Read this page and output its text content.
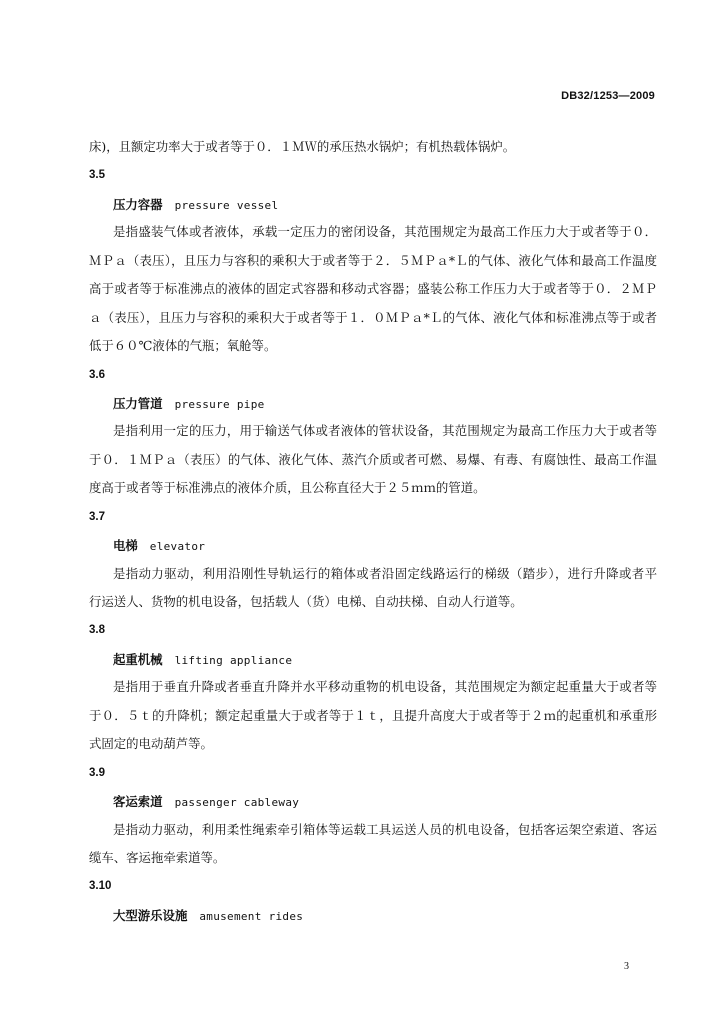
DB32/1253—2009
床)，且额定功率大于或者等于０．１ＭＷ的承压热水锅炉；有机热载体锅炉。
3.5
压力容器 pressure vessel
是指盛装气体或者液体，承载一定压力的密闭设备，其范围规定为最高工作压力大于或者等于０．
ＭＰａ（表压），且压力与容积的乘积大于或者等于２．５ＭＰａ*Ｌ的气体、液化气体和最高工作温度
高于或者等于标准沸点的液体的固定式容器和移动式容器；盛装公称工作压力大于或者等于０．２ＭＰ
ａ（表压），且压力与容积的乘积大于或者等于１．０ＭＰａ*Ｌ的气体、液化气体和标准沸点等于或者
低于６０℃液体的气瓶；氧舱等。
3.6
压力管道 pressure pipe
是指利用一定的压力，用于输送气体或者液体的管状设备，其范围规定为最高工作压力大于或者等
于０．１ＭＰａ（表压）的气体、液化气体、蒸汽介质或者可燃、易爆、有毒、有腐蚀性、最高工作温
度高于或者等于标准沸点的液体介质，且公称直径大于２５ｍｍ的管道。
3.7
电梯 elevator
是指动力驱动，利用沿刚性导轨运行的箱体或者沿固定线路运行的梯级（踏步），进行升降或者平
行运送人、货物的机电设备，包括载人（货）电梯、自动扶梯、自动人行道等。
3.8
起重机械 lifting appliance
是指用于垂直升降或者垂直升降并水平移动重物的机电设备，其范围规定为额定起重量大于或者等
于０．５ｔ的升降机；额定起重量大于或者等于１ｔ，且提升高度大于或者等于２ｍ的起重机和承重形
式固定的电动葫芦等。
3.9
客运索道 passenger cableway
是指动力驱动，利用柔性绳索牵引箱体等运载工具运送人员的机电设备，包括客运架空索道、客运
缆车、客运拖牵索道等。
3.10
大型游乐设施 amusement rides
3
